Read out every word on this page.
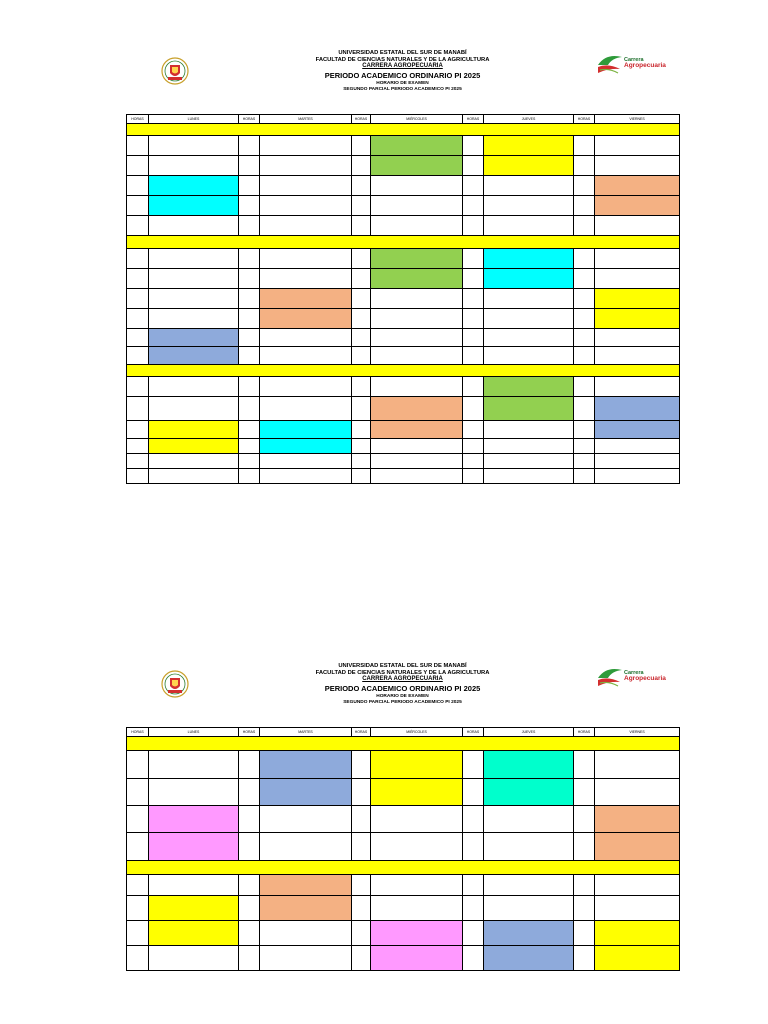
UNIVERSIDAD ESTATAL DEL SUR DE MANABÍ
FACULTAD DE CIENCIAS NATURALES Y DE LA AGRICULTURA
CARRERA AGROPECUARIA
PERIODO ACADEMICO ORDINARIO PI 2025
HORARIO DE EXAMEN
SEGUNDO PARCIAL PERIODO ACADEMICO PI 2025
Carrera
Agropecuaria
HORAS	LUNES	HORAS	MARTES	HORAS	MIÉRCOLES	HORAS	JUEVES	HORAS	VIERNES

UNIVERSIDAD ESTATAL DEL SUR DE MANABÍ
FACULTAD DE CIENCIAS NATURALES Y DE LA AGRICULTURA
CARRERA AGROPECUARIA
PERIODO ACADEMICO ORDINARIO PI 2025
HORARIO DE EXAMEN
SEGUNDO PARCIAL PERIODO ACADEMICO PI 2025
Carrera
Agropecuaria
HORAS	LUNES	HORAS	MARTES	HORAS	MIÉRCOLES	HORAS	JUEVES	HORAS	VIERNES
